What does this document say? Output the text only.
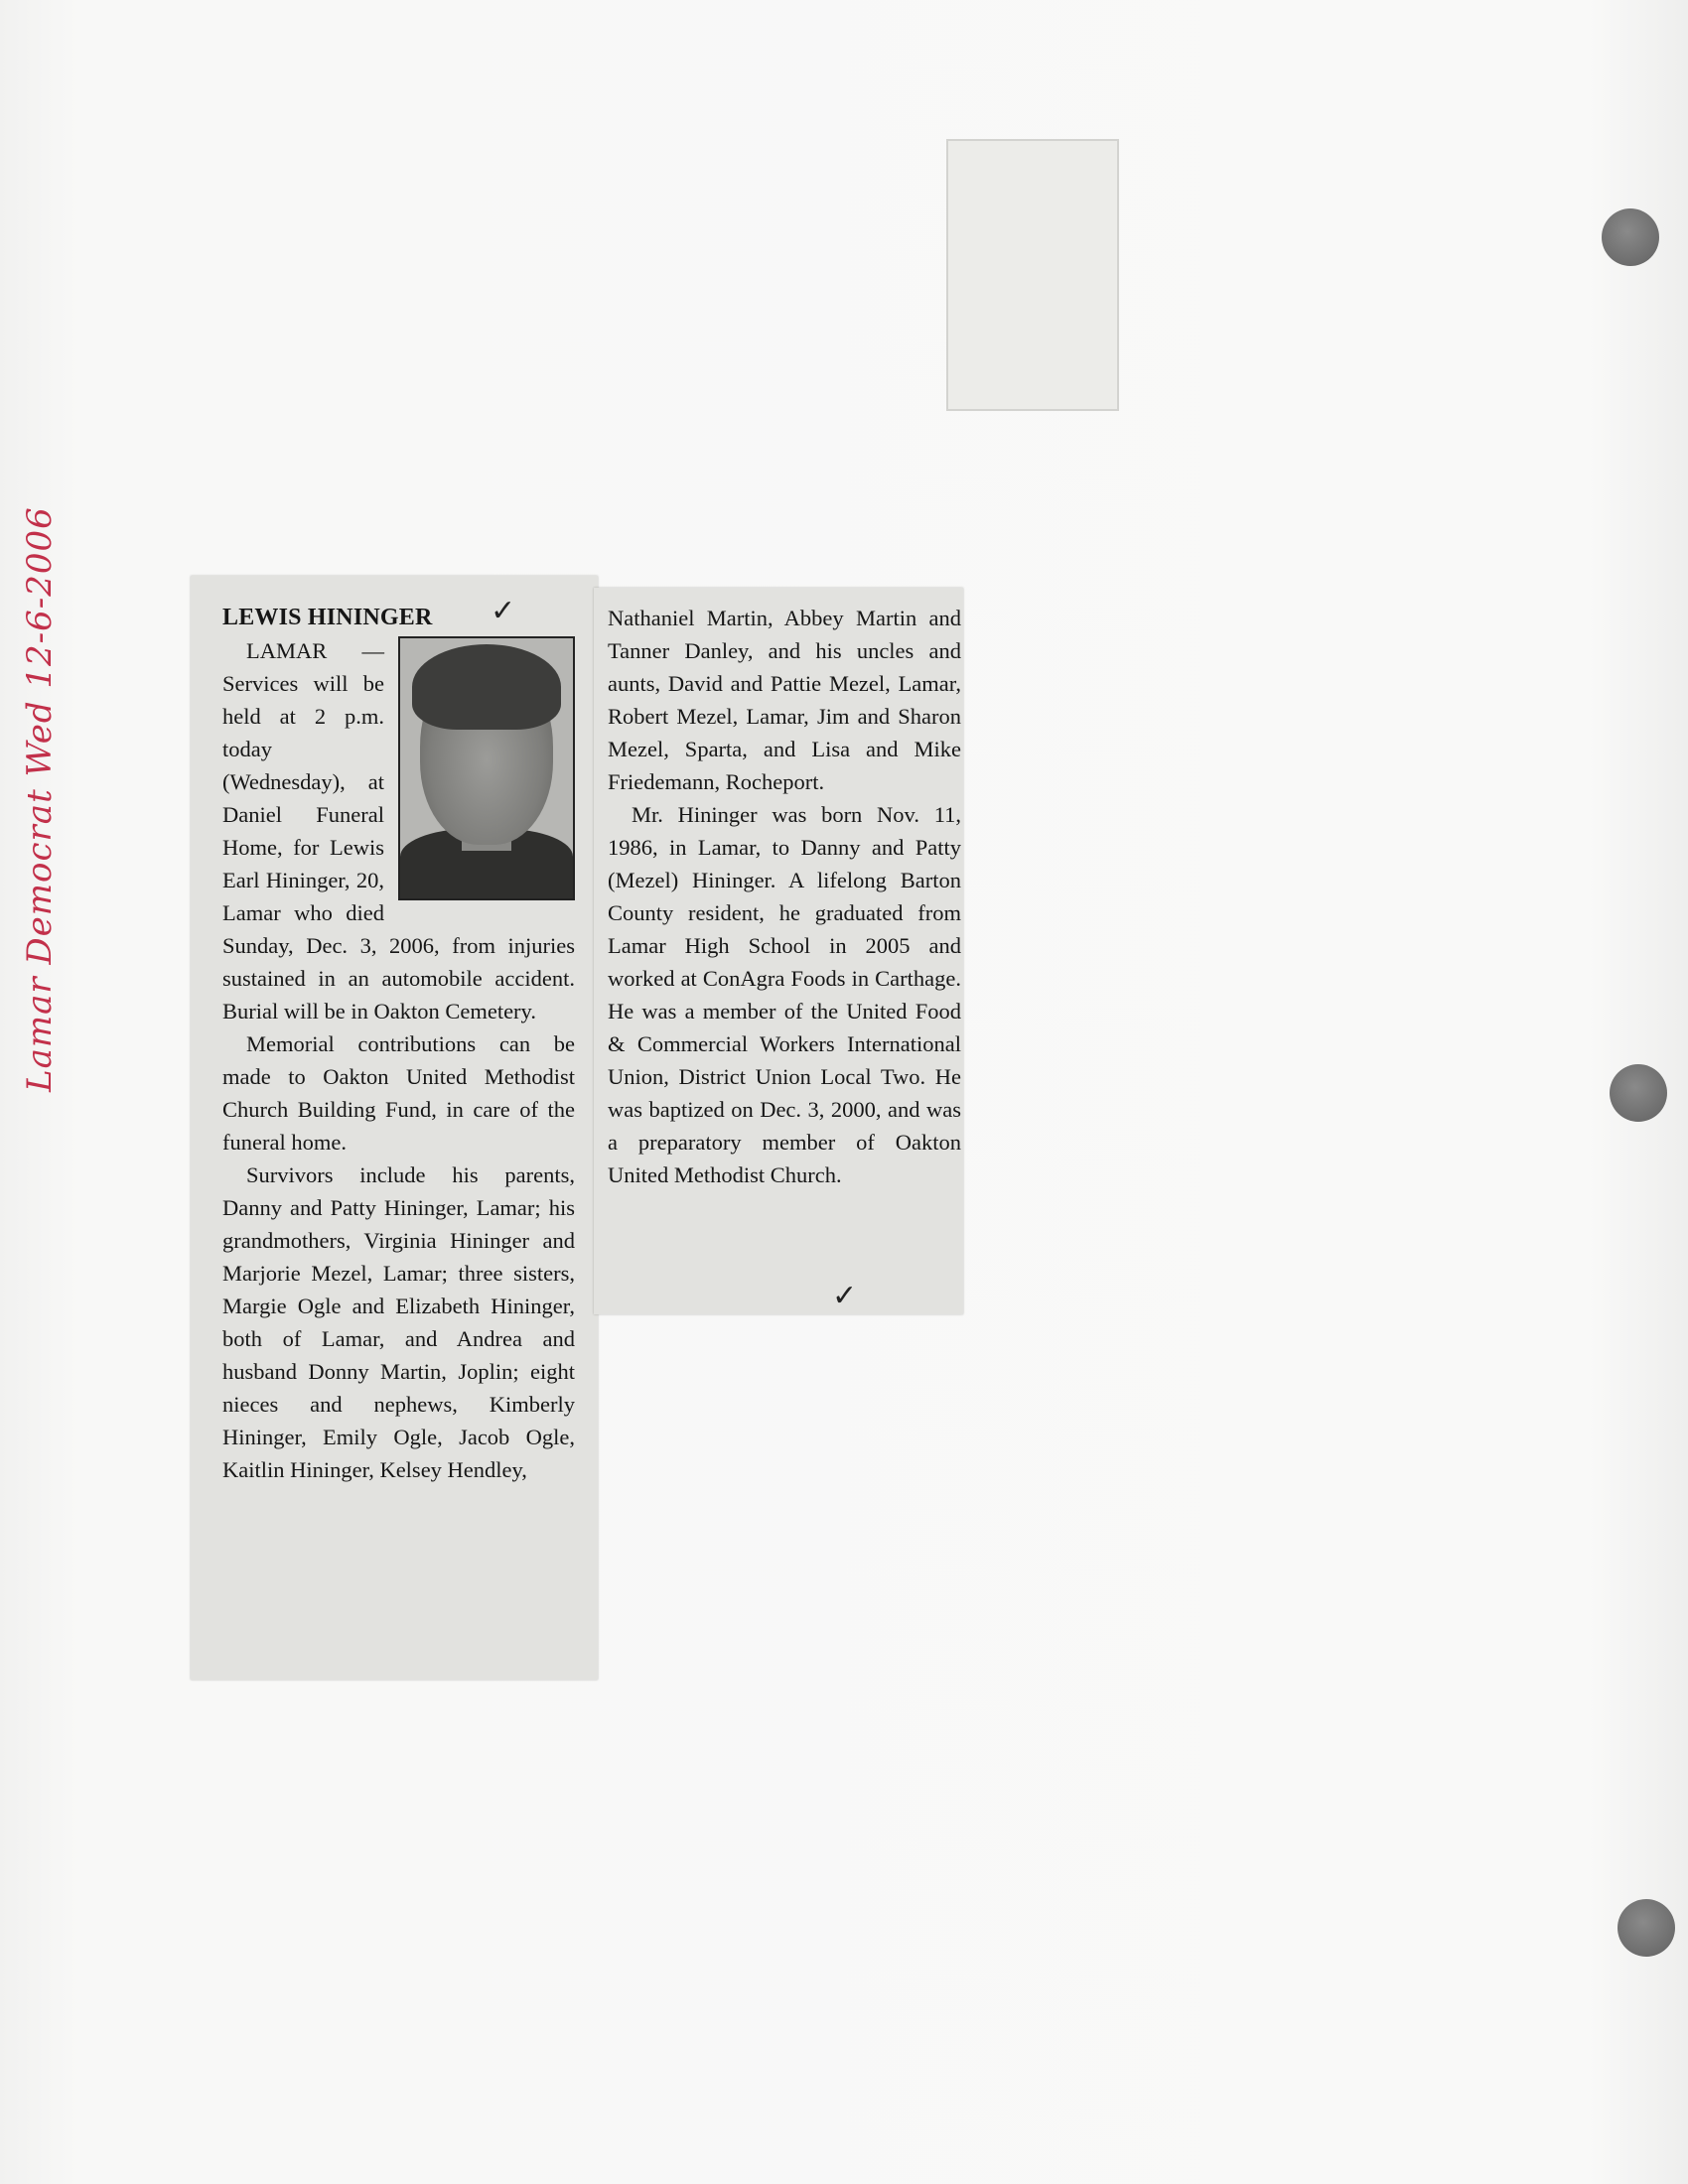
LEWIS HININGER

LAMAR — Services will be held at 2 p.m. today (Wednesday), at Daniel Funeral Home, for Lewis Earl Hininger, 20, Lamar who died Sunday, Dec. 3, 2006, from injuries sustained in an automobile accident. Burial will be in Oakton Cemetery.

Memorial contributions can be made to Oakton United Methodist Church Building Fund, in care of the funeral home.

Survivors include his parents, Danny and Patty Hininger, Lamar; his grandmothers, Virginia Hininger and Marjorie Mezel, Lamar; three sisters, Margie Ogle and Elizabeth Hininger, both of Lamar, and Andrea and husband Donny Martin, Joplin; eight nieces and nephews, Kimberly Hininger, Emily Ogle, Jacob Ogle, Kaitlin Hininger, Kelsey Hendley,

Nathaniel Martin, Abbey Martin and Tanner Danley, and his uncles and aunts, David and Pattie Mezel, Lamar, Robert Mezel, Lamar, Jim and Sharon Mezel, Sparta, and Lisa and Mike Friedemann, Rocheport.

Mr. Hininger was born Nov. 11, 1986, in Lamar, to Danny and Patty (Mezel) Hininger. A lifelong Barton County resident, he graduated from Lamar High School in 2005 and worked at ConAgra Foods in Carthage. He was a member of the United Food & Commercial Workers International Union, District Union Local Two. He was baptized on Dec. 3, 2000, and was a preparatory member of Oakton United Methodist Church.

✓
✓
Lamar Democrat Wed 12-6-2006
